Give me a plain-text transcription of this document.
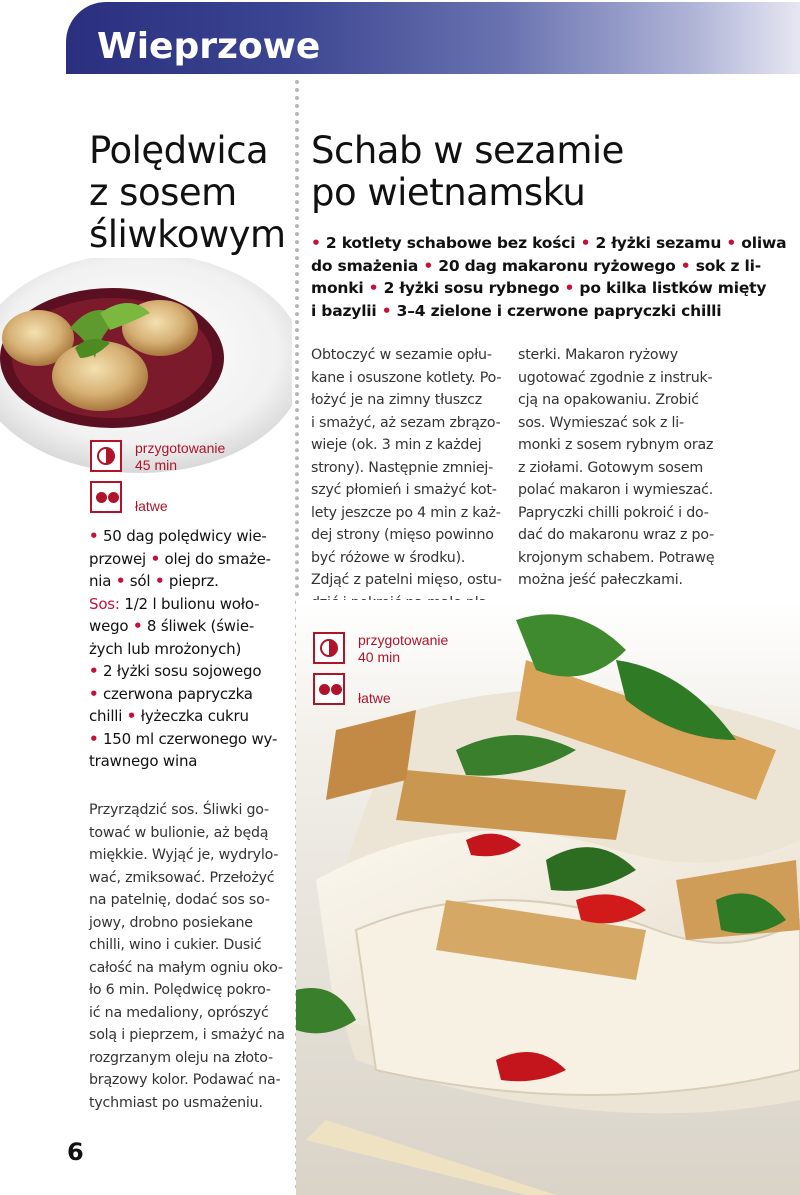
Wieprzowe
Polędwica
z sosem
śliwkowym
Schab w sezamie
po wietnamsku
przygotowanie
45 min
łatwe
• 50 dag polędwicy wie-
przowej • olej do smaże-
nia • sól • pieprz.
Sos: 1/2 l bulionu woło-
wego • 8 śliwek (świe-
żych lub mrożonych)
• 2 łyżki sosu sojowego
• czerwona papryczka
chilli • łyżeczka cukru
• 150 ml czerwonego wy-
trawnego wina
Przyrządzić sos. Śliwki go-
tować w bulionie, aż będą
miękkie. Wyjąć je, wydrylo-
wać, zmiksować. Przełożyć
na patelnię, dodać sos so-
jowy, drobno posiekane
chilli, wino i cukier. Dusić
całość na małym ogniu oko-
ło 6 min. Polędwicę pokro-
ić na medaliony, oprószyć
solą i pieprzem, i smażyć na
rozgrzanym oleju na złoto-
brązowy kolor. Podawać na-
tychmiast po usmażeniu.
• 2 kotlety schabowe bez kości • 2 łyżki sezamu • oliwa
do smażenia • 20 dag makaronu ryżowego • sok z li-
monki • 2 łyżki sosu rybnego • po kilka listków mięty
i bazylii • 3–4 zielone i czerwone papryczki chilli
Obtoczyć w sezamie opłu-
kane i osuszone kotlety. Po-
łożyć je na zimny tłuszcz
i smażyć, aż sezam zbrązo-
wieje (ok. 3 min z każdej
strony). Następnie zmniej-
szyć płomień i smażyć kot-
lety jeszcze po 4 min z każ-
dej strony (mięso powinno
być różowe w środku).
Zdjąć z patelni mięso, ostu-
sterki. Makaron ryżowy
ugotować zgodnie z instruk-
cją na opakowaniu. Zrobić
sos. Wymieszać sok z li-
monki z sosem rybnym oraz
z ziołami. Gotowym sosem
polać makaron i wymieszać.
Papryczki chilli pokroić i do-
dać do makaronu wraz z po-
krojonym schabem. Potrawę
można jeść pałeczkami.
przygotowanie
40 min
łatwe
6
